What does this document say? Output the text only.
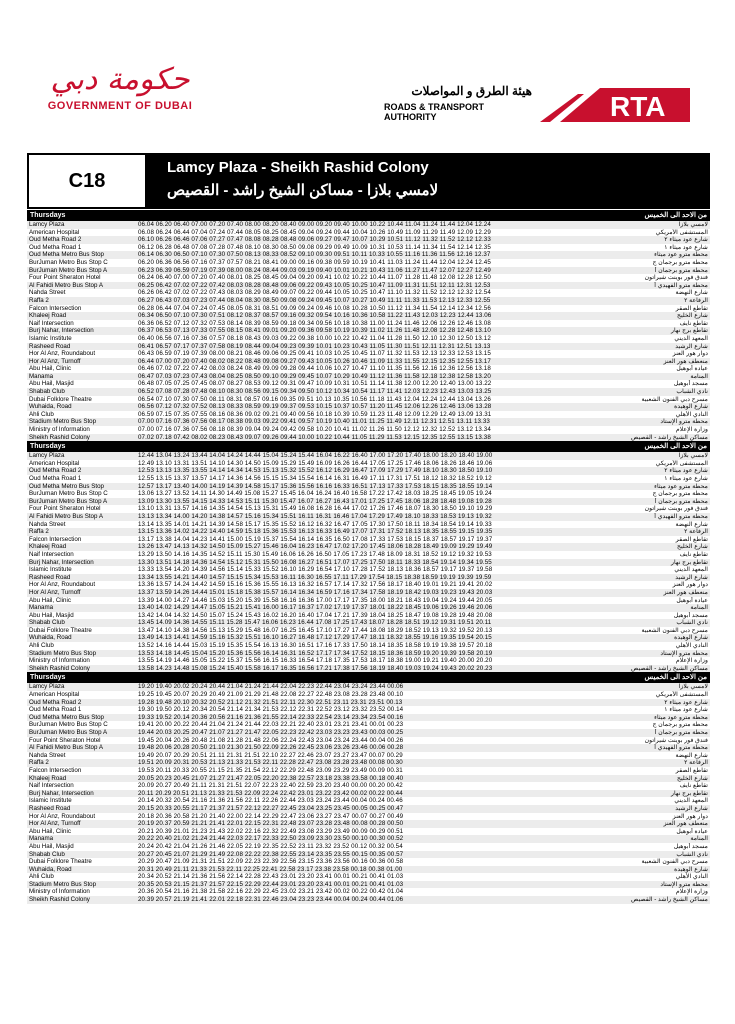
حكومة دبي
GOVERNMENT OF DUBAI
هيئة الطرق و المواصلات
ROADS & TRANSPORT AUTHORITY	RTA
C18
Lamcy Plaza - Sheikh Rashid Colony
لامسي بلازا - مساكن الشيخ راشد - القصيص
Thursdays	من الاحد الى الخميس
Lamcy Plaza	06.04 06.20 06.40 07.00 07.20 07.40 08.00 08.20 08.40 09.00 09.20 09.40 10.00 10.22 10.44 11.04 11.24 11.44 12.04 12.24	لامسي بلازا
American Hospital	06.08 06.24 06.44 07.04 07.24 07.44 08.05 08.25 08.45 09.04 09.24 09.44 10.04 10.26 10.49 11.09 11.29 11.49 12.09 12.29	المستشفى الأمريكي
Oud Metha Road 2	06.10 06.26 06.46 07.06 07.27 07.47 08.08 08.28 08.48 09.06 09.27 09.47 10.07 10.29 10.51 11.12 11.32 11.52 12.12 12.33	شارع عود ميثاء ٢
Oud Metha Road 1	06.12 06.28 06.48 07.08 07.28 07.48 08.10 08.30 08.50 09.08 09.29 09.49 10.09 10.31 10.53 11.14 11.34 11.54 12.14 12.35	شارع عود ميثاء ١
Oud Metha Metro Bus Stop	06.14 06.30 06.50 07.10 07.30 07.50 08.13 08.33 08.52 09.10 09.30 09.51 10.11 10.33 10.55 11.16 11.36 11.56 12.16 12.37	محطة مترو عود ميثاء
BurJuman Metro Bus Stop C	06.20 06.36 06.56 07.16 07.37 07.57 08.21 08.41 09.00 09.16 09.38 09.59 10.19 10.41 11.03 11.24 11.44 12.04 12.24 12.45	محطة مترو برجمان ج
BurJuman Metro Bus Stop A	06.23 06.39 06.59 07.19 07.39 08.00 08.24 08.44 09.03 09.19 09.40 10.01 10.21 10.43 11.06 11.27 11.47 12.07 12.27 12.49	محطة مترو برجمان أ
Four Point Sheraton Hotel	06.24 06.40 07.00 07.20 07.40 08.01 08.25 08.45 09.04 09.20 09.41 10.02 10.22 10.44 11.07 11.28 11.48 12.08 12.28 12.50	فندق فور بوينت شيراتون
Al Fahidi Metro Bus Stop A	06.25 06.42 07.02 07.22 07.42 08.03 08.28 08.48 09.06 09.22 09.43 10.05 10.25 10.47 11.09 11.31 11.51 12.11 12.31 12.53	محطة مترو الفهيدي أ
Nahda Street	06.26 06.42 07.02 07.22 07.43 08.03 08.29 08.49 09.07 09.22 09.44 10.05 10.25 10.47 11.10 11.32 11.52 12.12 12.32 12.54	شارع النهضة
Raffa 2	06.27 06.43 07.03 07.23 07.44 08.04 08.30 08.50 09.08 09.24 09.45 10.07 10.27 10.49 11.11 11.33 11.53 12.13 12.33 12.55	الرفاعة ٢
Falcon Intersection	06.28 06.44 07.04 07.24 07.45 08.05 08.31 08.51 09.09 09.24 09.46 10.08 10.28 10.50 11.12 11.34 11.54 12.14 12.34 12.56	تقاطع الصقر
Khaleej Road	06.34 06.50 07.10 07.30 07.51 08.12 08.37 08.57 09.16 09.32 09.54 10.16 10.36 10.58 11.22 11.43 12.03 12.23 12.44 13.06	شارع الخليج
Naif Intersection	06.36 06.52 07.12 07.32 07.53 08.14 08.39 08.59 09.18 09.34 09.56 10.18 10.38 11.00 11.24 11.46 12.06 12.26 12.46 13.08	تقاطع نايف
Burj Nahar, Intersection	06.37 06.53 07.13 07.33 07.55 08.15 08.41 09.01 09.20 09.36 09.58 10.19 10.39 11.02 11.26 11.48 12.08 12.28 12.48 13.10	تقاطع برج نهار
Islamic Institute	06.40 06.56 07.16 07.36 07.57 08.18 08.43 09.03 09.22 09.38 10.00 10.22 10.42 11.04 11.28 11.50 12.10 12.30 12.50 13.12	المعهد الديني
Rasheed Road	06.41 06.57 07.17 07.37 07.58 08.19 08.44 09.04 09.23 09.39 10.01 10.23 10.43 11.05 11.30 11.51 12.11 12.31 12.51 13.13	شارع الرشيد
Hor Al Anz, Roundabout	06.43 06.59 07.19 07.39 08.00 08.21 08.46 09.06 09.25 09.41 10.03 10.25 10.45 11.07 11.32 11.53 12.13 12.33 12.53 13.15	دوار هور العنز
Hor Al Anz, Turnoff	06.44 07.00 07.20 07.40 08.02 08.22 08.48 09.08 09.27 09.43 10.05 10.26 10.46 11.09 11.33 11.55 12.15 12.35 12.55 13.17	منعطف هور العنز
Abu Hail, Clinic	06.46 07.02 07.22 07.42 08.03 08.24 08.49 09.09 09.28 09.44 10.06 10.27 10.47 11.10 11.35 11.56 12.16 12.36 12.56 13.18	عيادة أبوهيل
Manama	06.47 07.03 07.23 07.43 08.04 08.25 08.50 09.10 09.29 09.45 10.07 10.29 10.49 11.12 11.36 11.58 12.18 12.38 12.58 13.20	المنامة
Abu Hail, Masjid	06.48 07.05 07.25 07.45 08.07 08.27 08.53 09.12 09.31 09.47 10.09 10.31 10.51 11.14 11.38 12.00 12.20 12.40 13.00 13.22	مسجد أبوهيل
Shabab Club	06.52 07.08 07.28 07.48 08.10 08.30 08.56 09.15 09.34 09.50 10.12 10.34 10.54 11.17 11.41 12.03 12.23 12.43 13.03 13.25	نادي الشباب
Dubai Folklore Theatre	06.54 07.10 07.30 07.50 08.11 08.31 08.57 09.16 09.35 09.51 10.13 10.35 10.56 11.18 11.43 12.04 12.24 12.44 13.04 13.26	مسرح دبي الفنون الشعبية
Wuhaida, Road	06.56 07.12 07.32 07.52 08.13 08.33 08.59 09.19 09.37 09.53 10.15 10.37 10.57 11.20 11.45 12.06 12.26 12.46 13.06 13.28	شارع الوهيدة
Ahli Club	06.59 07.15 07.35 07.55 08.16 08.36 09.02 09.21 09.40 09.56 10.18 10.39 10.59 11.23 11.48 12.09 12.29 12.49 13.09 13.31	النادي الأهلي
Stadium Metro Bus Stop	07.00 07.16 07.36 07.56 08.17 08.38 09.03 09.22 09.41 09.57 10.19 10.40 11.01 11.25 11.49 12.11 12.31 12.51 13.11 13.33	محطة مترو الإستاد
Ministry of Information	07.00 07.16 07.36 07.56 08.18 08.39 09.04 09.24 09.42 09.58 10.20 10.41 11.02 11.26 11.50 12.12 12.32 12.52 13.12 13.34	وزارة الإعلام
Sheikh Rashid Colony	07.02 07.18 07.42 08.02 08.23 08.43 09.07 09.26 09.44 10.00 10.22 10.44 11.05 11.29 11.53 12.15 12.35 12.55 13.15 13.38	مساكن الشيخ راشد - القصيص
Thursdays	من الاحد الى الخميس
Lamcy Plaza	12.44 13.04 13.24 13.44 14.04 14.24 14.44 15.04 15.24 15.44 16.04 16.22 16.40 17.00 17.20 17.40 18.00 18.20 18.40 19.00	لامسي بلازا
American Hospital	12.49 13.10 13.31 13.51 14.10 14.30 14.50 15.09 15.29 15.49 16.09 16.26 16.44 17.05 17.25 17.46 18.06 18.26 18.46 19.06	المستشفى الأمريكي
Oud Metha Road 2	12.53 13.13 13.35 13.55 14.14 14.34 14.53 15.13 15.32 15.52 16.12 16.29 16.47 17.09 17.29 17.49 18.10 18.30 18.50 19.10	شارع عود ميثاء ٢
Oud Metha Road 1	12.55 13.15 13.37 13.57 14.17 14.36 14.56 15.15 15.34 15.54 16.14 16.31 16.49 17.11 17.31 17.51 18.12 18.32 18.52 19.12	شارع عود ميثاء ١
Oud Metha Metro Bus Stop	12.57 13.17 13.40 14.00 14.19 14.39 14.58 15.17 15.36 15.56 16.16 16.33 16.51 17.13 17.33 17.53 18.15 18.35 18.55 19.14	محطة مترو عود ميثاء
BurJuman Metro Bus Stop C	13.06 13.27 13.52 14.11 14.30 14.49 15.08 15.27 15.45 16.04 16.24 16.40 16.58 17.22 17.42 18.03 18.25 18.45 19.05 19.24	محطة مترو برجمان ج
BurJuman Metro Bus Stop A	13.09 13.30 13.55 14.15 14.33 14.53 15.11 15.30 15.47 16.07 16.27 16.43 17.01 17.25 17.45 18.06 18.28 18.48 19.08 19.28	محطة مترو برجمان أ
Four Point Sheraton Hotel	13.10 13.31 13.57 14.16 14.35 14.54 15.13 15.31 15.49 16.08 16.28 16.44 17.02 17.26 17.46 18.07 18.30 18.50 19.10 19.29	فندق فور بوينت شيراتون
Al Fahidi Metro Bus Stop A	13.13 13.34 14.00 14.20 14.38 14.57 15.16 15.34 15.51 16.11 16.31 16.46 17.04 17.29 17.49 18.10 18.33 18.53 19.13 19.32	محطة مترو الفهيدي أ
Nahda Street	13.14 13.35 14.01 14.21 14.39 14.58 15.17 15.35 15.52 16.12 16.32 16.47 17.05 17.30 17.50 18.11 18.34 18.54 19.14 19.33	شارع النهضة
Raffa 2	13.15 13.36 14.02 14.22 14.40 14.59 15.18 15.36 15.53 16.13 16.33 16.49 17.07 17.31 17.52 18.13 18.35 18.55 19.15 19.35	الرفاعة ٢
Falcon Intersection	13.17 13.38 14.04 14.23 14.41 15.00 15.19 15.37 15.54 16.14 16.35 16.50 17.08 17.33 17.53 18.15 18.37 18.57 19.17 19.37	تقاطع الصقر
Khaleej Road	13.26 13.47 14.13 14.32 14.50 15.09 15.27 15.46 16.04 16.23 16.47 17.02 17.20 17.45 18.06 18.28 18.49 19.09 19.29 19.49	شارع الخليج
Naif Intersection	13.29 13.50 14.16 14.35 14.52 15.11 15.30 15.49 16.06 16.26 16.50 17.05 17.23 17.48 18.09 18.31 18.52 19.12 19.32 19.53	تقاطع نايف
Burj Nahar, Intersection	13.30 13.51 14.18 14.36 14.54 15.12 15.31 15.50 16.08 16.27 16.51 17.07 17.25 17.50 18.11 18.33 18.54 19.14 19.34 19.55	تقاطع برج نهار
Islamic Institute	13.33 13.54 14.20 14.39 14.56 15.14 15.33 15.52 16.10 16.29 16.54 17.10 17.28 17.52 18.13 18.36 18.57 19.17 19.37 19.58	المعهد الديني
Rasheed Road	13.34 13.55 14.21 14.40 14.57 15.15 15.34 15.53 16.11 16.30 16.55 17.11 17.29 17.54 18.15 18.38 18.59 19.19 19.39 19.59	شارع الرشيد
Hor Al Anz, Roundabout	13.36 13.57 14.24 14.42 14.59 15.16 15.36 15.55 16.13 16.32 16.57 17.14 17.32 17.56 18.17 18.40 19.01 19.21 19.41 20.02	دوار هور العنز
Hor Al Anz, Turnoff	13.37 13.59 14.26 14.44 15.01 15.18 15.38 15.57 16.14 16.34 16.59 17.16 17.34 17.58 18.19 18.42 19.03 19.23 19.43 20.03	منعطف هور العنز
Abu Hail, Clinic	13.39 14.00 14.27 14.46 15.03 15.20 15.39 15.58 16.16 16.36 17.00 17.17 17.35 18.00 18.21 18.43 19.04 19.24 19.44 20.05	عيادة أبوهيل
Manama	13.40 14.02 14.29 14.47 15.05 15.21 15.41 16.00 16.17 16.37 17.02 17.19 17.37 18.01 18.22 18.45 19.06 19.26 19.46 20.06	المنامة
Abu Hail, Masjid	13.42 14.04 14.32 14.50 15.07 15.24 15.43 16.02 16.20 16.40 17.04 17.21 17.39 18.04 18.25 18.47 19.08 19.28 19.48 20.08	مسجد أبوهيل
Shabab Club	13.45 14.09 14.36 14.55 15.11 15.28 15.47 16.06 16.23 16.44 17.08 17.25 17.43 18.07 18.28 18.51 19.12 19.31 19.51 20.11	نادي الشباب
Dubai Folklore Theatre	13.47 14.10 14.38 14.56 15.13 15.29 15.48 16.07 16.25 16.45 17.10 17.27 17.44 18.08 18.29 18.52 19.13 19.32 19.52 20.13	مسرح دبي الفنون الشعبية
Wuhaida, Road	13.49 14.13 14.41 14.59 15.16 15.32 15.51 16.10 16.27 16.48 17.12 17.29 17.47 18.11 18.32 18.55 19.16 19.35 19.54 20.15	شارع الوهيدة
Ahli Club	13.52 14.16 14.44 15.03 15.19 15.35 15.54 16.13 16.30 16.51 17.16 17.33 17.50 18.14 18.35 18.58 19.19 19.38 19.57 20.18	النادي الأهلي
Stadium Metro Bus Stop	13.53 14.18 14.45 15.04 15.20 15.36 15.56 16.14 16.31 16.52 17.17 17.34 17.52 18.15 18.36 18.59 19.20 19.39 19.58 20.19	محطة مترو الإستاد
Ministry of Information	13.55 14.19 14.46 15.05 15.22 15.37 15.56 16.15 16.33 16.54 17.18 17.35 17.53 18.17 18.38 19.00 19.21 19.40 20.00 20.20	وزارة الإعلام
Sheikh Rashid Colony	13.58 14.23 14.48 15.08 15.24 15.40 15.58 16.17 16.35 16.56 17.21 17.38 17.56 18.19 18.40 19.03 19.24 19.43 20.02 20.23	مساكن الشيخ راشد - القصيص
Thursdays	من الاحد الى الخميس
Lamcy Plaza	19.20 19.40 20.02 20.24 20.44 21.04 21.24 21.44 22.04 22.23 22.44 23.04 23.24 23.44 00.06	لامسي بلازا
American Hospital	19.25 19.45 20.07 20.29 20.49 21.09 21.29 21.48 22.08 22.27 22.48 23.08 23.28 23.48 00.10	المستشفى الأمريكي
Oud Metha Road 2	19.28 19.48 20.10 20.32 20.52 21.12 21.32 21.51 22.11 22.30 22.51 23.11 23.31 23.51 00.13	شارع عود ميثاء ٢
Oud Metha Road 1	19.30 19.50 20.12 20.34 20.54 21.14 21.34 21.53 22.12 22.31 22.52 23.12 23.32 23.52 00.14	شارع عود ميثاء ١
Oud Metha Metro Bus Stop	19.33 19.52 20.14 20.36 20.56 21.16 21.36 21.55 22.14 22.33 22.54 23.14 23.34 23.54 00.16	محطة مترو عود ميثاء
BurJuman Metro Bus Stop C	19.41 20.00 20.22 20.44 21.04 21.24 21.44 22.03 22.21 22.40 23.01 23.21 23.41 00.01 00.23	محطة مترو برجمان ج
BurJuman Metro Bus Stop A	19.44 20.03 20.25 20.47 21.07 21.27 21.47 22.05 22.23 22.42 23.03 23.23 23.43 00.03 00.25	محطة مترو برجمان أ
Four Point Sheraton Hotel	19.45 20.04 20.26 20.48 21.08 21.28 21.48 22.06 22.24 22.43 23.04 23.24 23.44 00.04 00.26	فندق فور بوينت شيراتون
Al Fahidi Metro Bus Stop A	19.48 20.06 20.28 20.50 21.10 21.30 21.50 22.09 22.26 22.45 23.06 23.26 23.46 00.06 00.28	محطة مترو الفهيدي أ
Nahda Street	19.49 20.07 20.29 20.51 21.11 21.31 21.51 22.10 22.27 22.46 23.07 23.27 23.47 00.07 00.29	شارع النهضة
Raffa 2	19.51 20.09 20.31 20.53 21.13 21.33 21.53 22.11 22.28 22.47 23.08 23.28 23.48 00.08 00.30	الرفاعة ٢
Falcon Intersection	19.53 20.11 20.33 20.55 21.15 21.35 21.54 22.12 22.29 22.48 23.09 23.29 23.49 00.09 00.31	تقاطع الصقر
Khaleej Road	20.05 20.23 20.45 21.07 21.27 21.47 22.05 22.20 22.38 22.57 23.18 23.38 23.58 00.18 00.40	شارع الخليج
Naif Intersection	20.09 20.27 20.49 21.11 21.31 21.51 22.07 22.23 22.40 22.59 23.20 23.40 00.00 00.20 00.42	تقاطع نايف
Burj Nahar, Intersection	20.11 20.29 20.51 21.13 21.33 21.53 22.09 22.24 22.42 23.01 23.22 23.42 00.02 00.22 00.44	تقاطع برج نهار
Islamic Institute	20.14 20.32 20.54 21.16 21.36 21.56 22.11 22.26 22.44 23.03 23.24 23.44 00.04 00.24 00.46	المعهد الديني
Rasheed Road	20.15 20.33 20.55 21.17 21.37 21.57 22.12 22.27 22.45 23.04 23.25 23.45 00.05 00.25 00.47	شارع الرشيد
Hor Al Anz, Roundabout	20.18 20.36 20.58 21.20 21.40 22.00 22.14 22.29 22.47 23.06 23.27 23.47 00.07 00.27 00.49	دوار هور العنز
Hor Al Anz, Turnoff	20.19 20.37 20.59 21.21 21.41 22.01 22.15 22.31 22.48 23.07 23.28 23.48 00.08 00.28 00.50	منعطف هور العنز
Abu Hail, Clinic	20.21 20.39 21.01 21.23 21.43 22.02 22.16 22.32 22.49 23.08 23.29 23.49 00.09 00.29 00.51	عيادة أبوهيل
Manama	20.22 20.40 21.02 21.24 21.44 22.03 22.17 22.33 22.50 23.09 23.30 23.50 00.10 00.30 00.52	المنامة
Abu Hail, Masjid	20.24 20.42 21.04 21.26 21.46 22.05 22.19 22.35 22.52 23.11 23.32 23.52 00.12 00.32 00.54	مسجد أبوهيل
Shabab Club	20.27 20.45 21.07 21.29 21.49 22.08 22.22 22.38 22.55 23.14 23.35 23.55 00.15 00.35 00.57	نادي الشباب
Dubai Folklore Theatre	20.29 20.47 21.09 21.31 21.51 22.09 22.23 22.39 22.56 23.15 23.36 23.56 00.16 00.36 00.58	مسرح دبي الفنون الشعبية
Wuhaida, Road	20.31 20.49 21.11 21.33 21.53 22.11 22.25 22.41 22.58 23.17 23.38 23.58 00.18 00.38 01.00	شارع الوهيدة
Ahli Club	20.34 20.52 21.14 21.36 21.56 22.14 22.28 22.43 23.01 23.20 23.41 00.01 00.21 00.41 01.03	النادي الأهلي
Stadium Metro Bus Stop	20.35 20.53 21.15 21.37 21.57 22.15 22.29 22.44 23.01 23.20 23.41 00.01 00.21 00.41 01.03	محطة مترو الإستاد
Ministry of Information	20.36 20.54 21.16 21.38 21.58 22.16 22.29 22.45 23.02 23.21 23.42 00.02 00.22 00.42 01.04	وزارة الإعلام
Sheikh Rashid Colony	20.39 20.57 21.19 21.41 22.01 22.18 22.31 22.46 23.04 23.23 23.44 00.04 00.24 00.44 01.06	مساكن الشيخ راشد - القصيص
